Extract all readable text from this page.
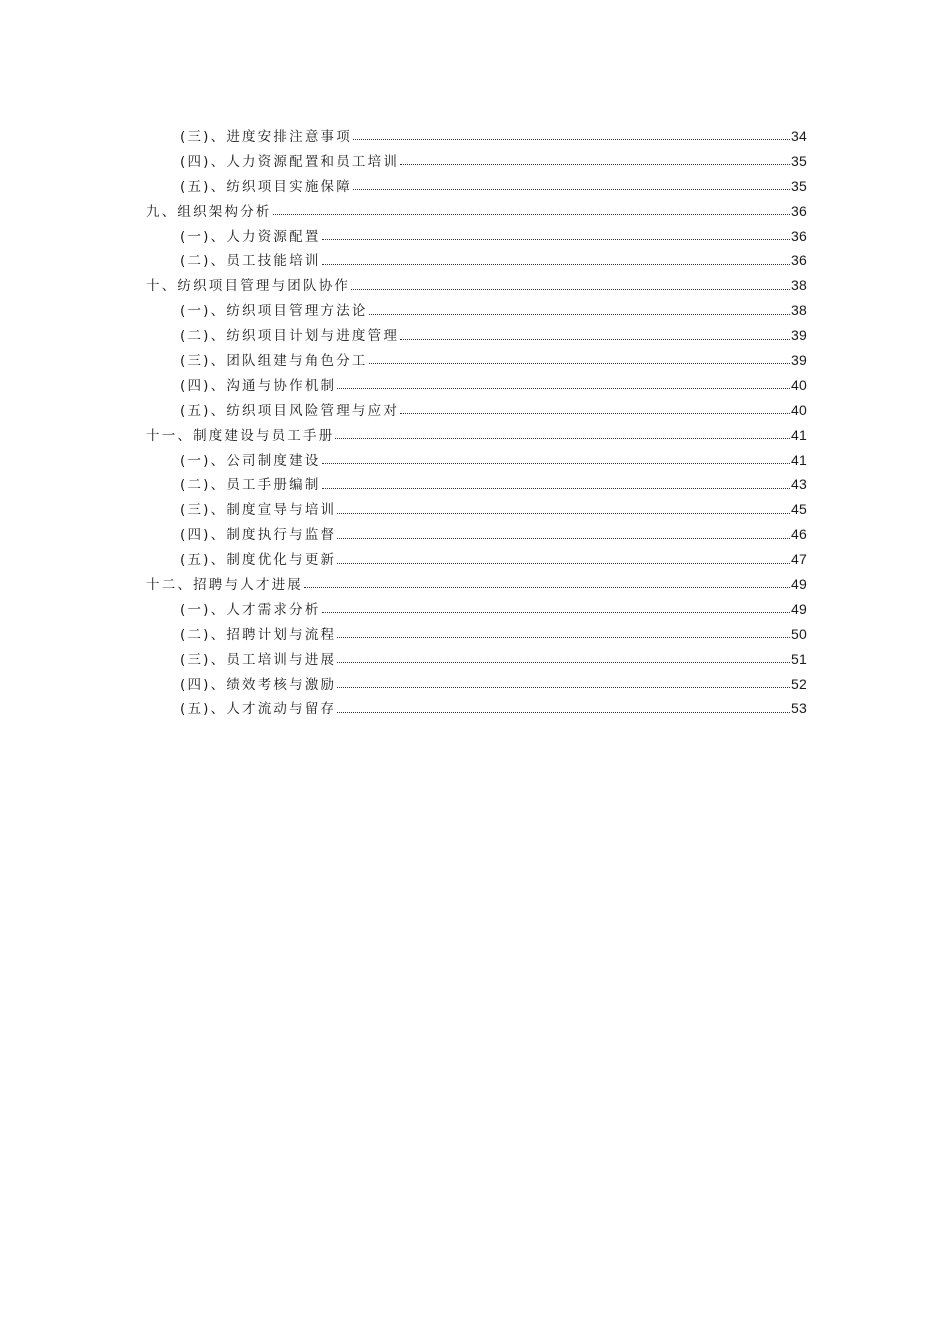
(三)、进度安排注意事项	34
(四)、人力资源配置和员工培训	35
(五)、纺织项目实施保障	35
九、组织架构分析	36
(一)、人力资源配置	36
(二)、员工技能培训	36
十、纺织项目管理与团队协作	38
(一)、纺织项目管理方法论	38
(二)、纺织项目计划与进度管理	39
(三)、团队组建与角色分工	39
(四)、沟通与协作机制	40
(五)、纺织项目风险管理与应对	40
十一、制度建设与员工手册	41
(一)、公司制度建设	41
(二)、员工手册编制	43
(三)、制度宣导与培训	45
(四)、制度执行与监督	46
(五)、制度优化与更新	47
十二、招聘与人才进展	49
(一)、人才需求分析	49
(二)、招聘计划与流程	50
(三)、员工培训与进展	51
(四)、绩效考核与激励	52
(五)、人才流动与留存	53
